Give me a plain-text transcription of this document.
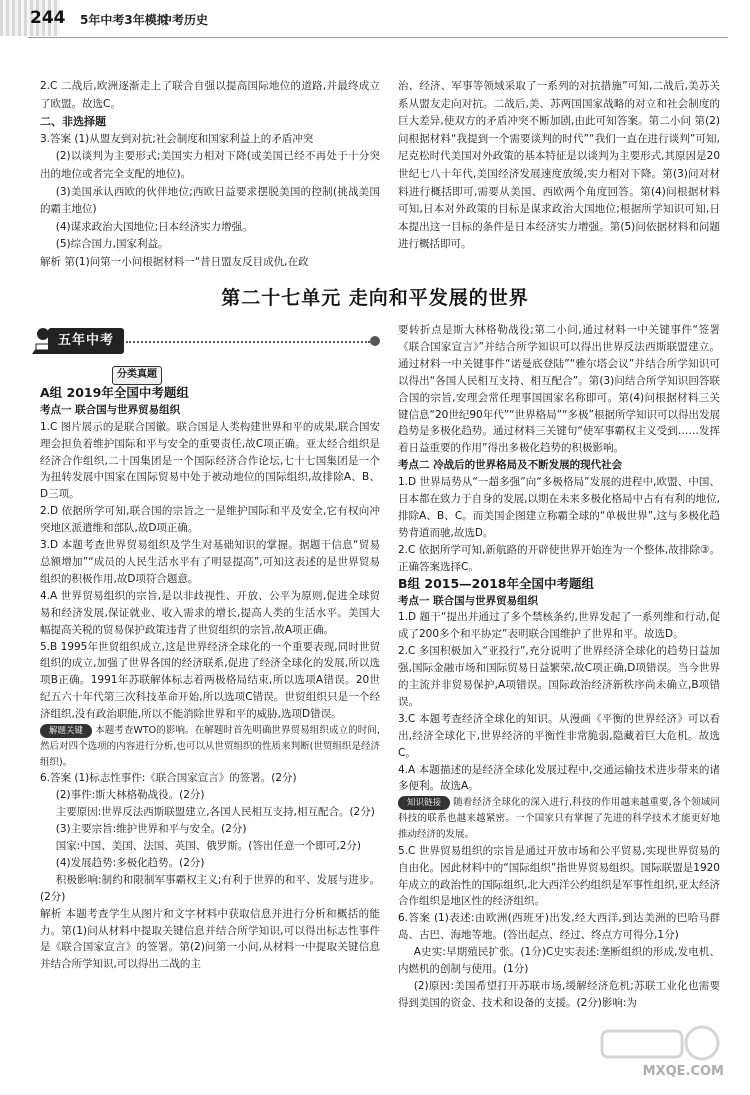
244 5年中考3年模拟
中考历史

2.C 二战后,欧洲逐渐走上了联合自强以提高国际地位的道路,并最终成立了欧盟。故选C。

二、非选择题

3.答案 (1)从盟友到对抗;社会制度和国家利益上的矛盾冲突

(2)以谈判为主要形式;美国实力相对下降(或美国已经不再处于十分突出的地位或者完全支配的地位)。

(3)美国承认西欧的伙伴地位;西欧日益要求摆脱美国的控制(挑战美国的霸主地位)

(4)谋求政治大国地位;日本经济实力增强。

(5)综合国力,国家利益。

解析 第(1)问第一小问根据材料一“昔日盟友反目成仇,在政

治、经济、军事等领域采取了一系列的对抗措施”可知,二战后,美苏关系从盟友走向对抗。二战后,美、苏两国国家战略的对立和社会制度的巨大差异,使双方的矛盾冲突不断加剧,由此可知答案。第二小问 第(2)问根据材料“我提到一个需要谈判的时代”“我们一直在进行谈判”可知,尼克松时代美国对外政策的基本特征是以谈判为主要形式,其原因是20世纪七八十年代,美国经济发展速度放缓,实力相对下降。第(3)问对材料进行概括即可,需要从美国、西欧两个角度回答。第(4)问根据材料可知,日本对外政策的目标是谋求政治大国地位;根据所学知识可知,日本提出这一目标的条件是日本经济实力增强。第(5)问依据材料和问题进行概括即可。

第二十七单元 走向和平发展的世界
五年中考
分类真题

A组 2019年全国中考题组

考点一 联合国与世界贸易组织

1.C 图片展示的是联合国徽。联合国是人类构建世界和平的成果,联合国安理会担负着维护国际和平与安全的重要责任,故C项正确。亚太经合组织是经济合作组织,二十国集团是一个国际经济合作论坛,七十七国集团是一个为扭转发展中国家在国际贸易中处于被动地位的国际组织,故排除A、B、D三项。

2.D 依据所学可知,联合国的宗旨之一是维护国际和平及安全,它有权向冲突地区派遣维和部队,故D项正确。

3.D 本题考查世界贸易组织及学生对基础知识的掌握。据题干信息“贸易总额增加”“成员的人民生活水平有了明显提高”,可知这表述的是世界贸易组织的积极作用,故D项符合题意。

4.A 世界贸易组织的宗旨,是以非歧视性、开放、公平为原则,促进全球贸易和经济发展,保证就业、收入需求的增长,提高人类的生活水平。美国大幅提高关税的贸易保护政策违背了世贸组织的宗旨,故A项正确。

5.B 1995年世贸组织成立,这是世界经济全球化的一个重要表现,同时世贸组织的成立,加强了世界各国的经济联系,促进了经济全球化的发展,所以选项B正确。1991年苏联解体标志着两极格局结束,所以选项A错误。20世纪五六十年代第三次科技革命开始,所以选项C错误。世贸组织只是一个经济组织,没有政治职能,所以不能消除世界和平的威胁,选项D错误。

解题关键 本题考查WTO的影响。在解题时首先明确世界贸易组织成立的时间,然后对四个选项的内容进行分析,也可以从世贸组织的性质来判断(世贸组织是经济组织)。

6.答案 (1)标志性事件:《联合国家宣言》的签署。(2分)

(2)事件:斯大林格勒战役。(2分)

主要原因:世界反法西斯联盟建立,各国人民相互支持,相互配合。(2分)

(3)主要宗旨:维护世界和平与安全。(2分)

国家:中国、美国、法国、英国、俄罗斯。(答出任意一个即可,2分)

(4)发展趋势:多极化趋势。(2分)

积极影响:制约和限制军事霸权主义;有利于世界的和平、发展与进步。(2分)

解析 本题考查学生从图片和文字材料中获取信息并进行分析和概括的能力。第(1)问从材料中提取关键信息并结合所学知识,可以得出标志性事件是《联合国家宣言》的签署。第(2)问第一小问,从材料一中提取关键信息并结合所学知识,可以得出二战的主

要转折点是斯大林格勒战役;第二小问,通过材料一中关键事件“签署《联合国家宣言》”并结合所学知识可以得出世界反法西斯联盟建立。通过材料一中关键事件“诺曼底登陆”“雅尔塔会议”并结合所学知识可以得出“各国人民相互支持、相互配合”。第(3)问结合所学知识回答联合国的宗旨,安理会常任理事国国家名称即可。第(4)问根据材料三关键信息“20世纪90年代”“世界格局”“多极”根据所学知识可以得出发展趋势是多极化趋势。通过材料三关键句“使军事霸权主义受到……发挥着日益重要的作用”得出多极化趋势的积极影响。

考点二 冷战后的世界格局及不断发展的现代社会

1.D 世界局势从“一超多强”向“多极格局”发展的进程中,欧盟、中国、日本都在致力于自身的发展,以期在未来多极化格局中占有有利的地位,排除A、B、C。而美国企图建立称霸全球的“单极世界”,这与多极化趋势背道而驰,故选D。

2.C 依据所学可知,新航路的开辟使世界开始连为一个整体,故排除③。正确答案选择C。

B组 2015—2018年全国中考题组

考点一 联合国与世界贸易组织

1.D 题干“提出并通过了多个禁核条约,世界发起了一系列维和行动,促成了200多个和平协定”表明联合国维护了世界和平。故选D。

2.C 多国积极加入“亚投行”,充分说明了世界经济全球化的趋势日益加强,国际金融市场和国际贸易日益繁荣,故C项正确,D项错误。当今世界的主流并非贸易保护,A项错误。国际政治经济新秩序尚未确立,B项错误。

3.C 本题考查经济全球化的知识。从漫画《平衡的世界经济》可以看出,经济全球化下,世界经济的平衡性非常脆弱,隐藏着巨大危机。故选C。

4.A 本题描述的是经济全球化发展过程中,交通运输技术进步带来的诸多便利。故选A。

知识链接 随着经济全球化的深入进行,科技的作用越来越重要,各个领域同科技的联系也越来越紧密。一个国家只有掌握了先进的科学技术才能更好地推动经济的发展。

5.C 世界贸易组织的宗旨是通过开放市场和公平贸易,实现世界贸易的自由化。因此材料中的“国际组织”指世界贸易组织。国际联盟是1920年成立的政治性的国际组织,北大西洋公约组织是军事性组织,亚太经济合作组织是地区性的经济组织。

6.答案 (1)表述:由欧洲(西班牙)出发,经大西洋,到达美洲的巴哈马群岛、古巴、海地等地。(答出起点、经过、终点方可得分,1分)

A史实:早期殖民扩张。(1分)C史实表述:垄断组织的形成,发电机、内燃机的创制与使用。(1分)

(2)原因:美国希望打开苏联市场,缓解经济危机;苏联工业化也需要得到美国的资金、技术和设备的支援。(2分)影响:为

MXQE.COM
